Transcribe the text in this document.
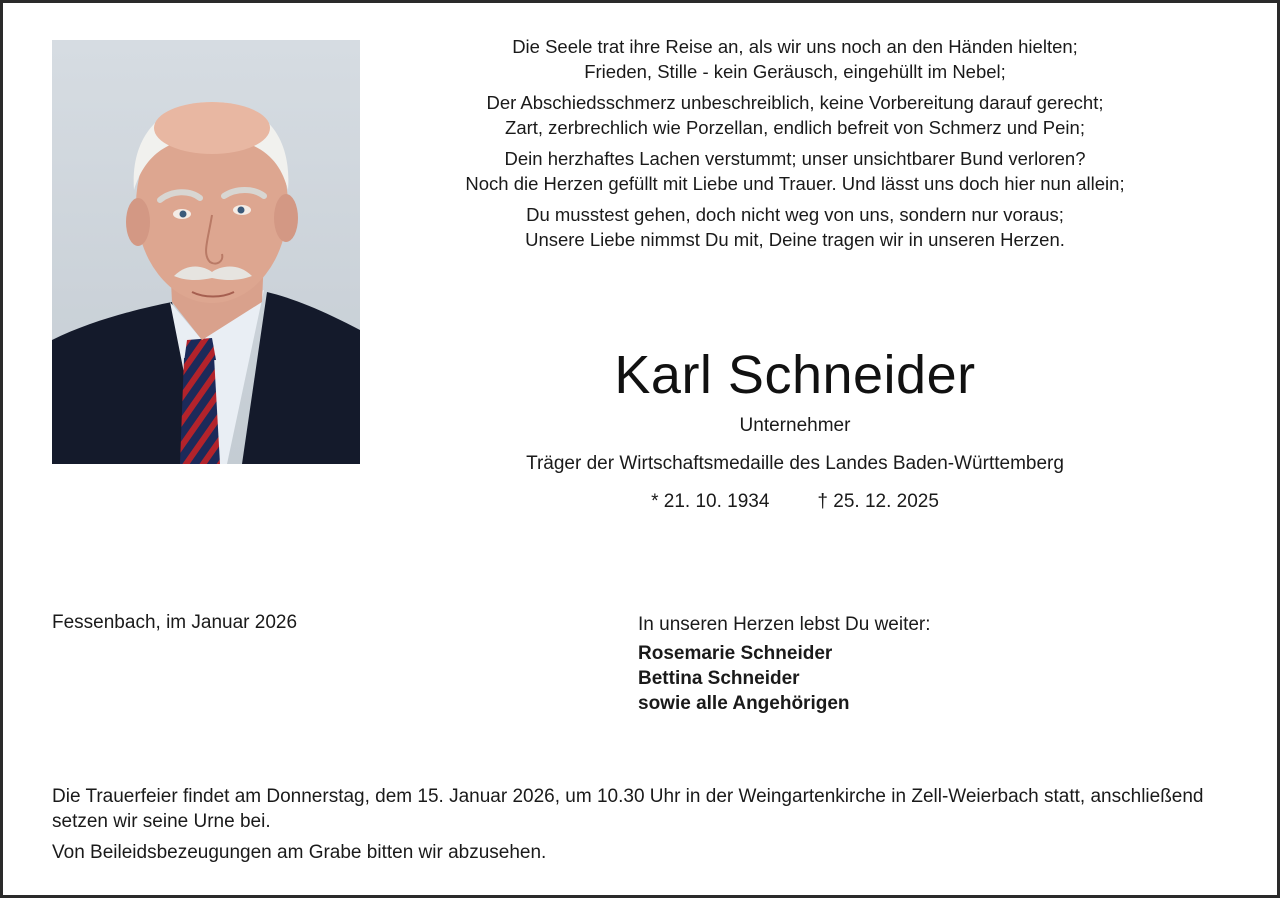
Die Seele trat ihre Reise an, als wir uns noch an den Händen hielten;
Frieden, Stille - kein Geräusch, eingehüllt im Nebel;
Der Abschiedsschmerz unbeschreiblich, keine Vorbereitung darauf gerecht;
Zart, zerbrechlich wie Porzellan, endlich befreit von Schmerz und Pein;
Dein herzhaftes Lachen verstummt; unser unsichtbarer Bund verloren?
Noch die Herzen gefüllt mit Liebe und Trauer. Und lässt uns doch hier nun allein;
Du musstest gehen, doch nicht weg von uns, sondern nur voraus;
Unsere Liebe nimmst Du mit, Deine tragen wir in unseren Herzen.
Karl Schneider
Unternehmer
Träger der Wirtschaftsmedaille des Landes Baden-Württemberg
* 21. 10. 1934	† 25. 12. 2025
Fessenbach, im Januar 2026	In unseren Herzen lebst Du weiter:
Rosemarie Schneider
Bettina Schneider
sowie alle Angehörigen

Die Trauerfeier findet am Donnerstag, dem 15. Januar 2026, um 10.30 Uhr in der Weingartenkirche in Zell-Weierbach statt, anschließend setzen wir seine Urne bei.

Von Beileidsbezeugungen am Grabe bitten wir abzusehen.
